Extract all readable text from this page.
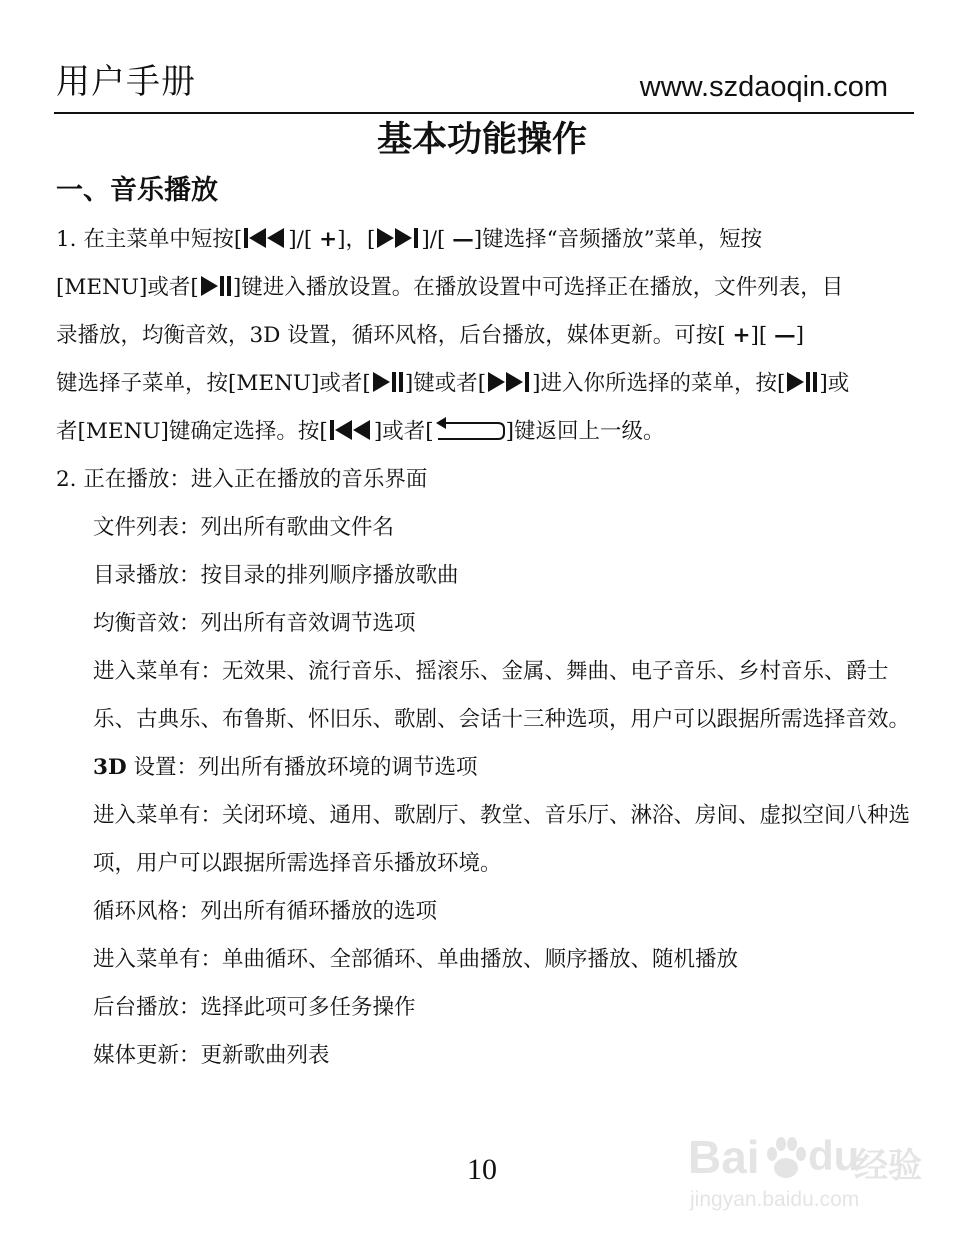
用户手册	www.szdaoqin.com
基本功能操作
一、音乐播放

1. 在主菜单中短按[ ]/[ +]，[ ]/[ —]键选择“音频播放”菜单，短按
[MENU]或者[ ]键进入播放设置。在播放设置中可选择正在播放，文件列表，目
录播放，均衡音效，3D 设置，循环风格，后台播放，媒体更新。可按[ +][ —]
键选择子菜单，按[MENU]或者[ ]键或者[ ]进入你所选择的菜单，按[ ]或
者[MENU]键确定选择。按[ ]或者[	]键返回上一级。

2. 正在播放：进入正在播放的音乐界面

文件列表：列出所有歌曲文件名

目录播放：按目录的排列顺序播放歌曲

均衡音效：列出所有音效调节选项

进入菜单有：无效果、流行音乐、摇滚乐、金属、舞曲、电子音乐、乡村音乐、爵士乐、古典乐、布鲁斯、怀旧乐、歌剧、会话十三种选项，用户可以跟据所需选择音效。

3D 设置：列出所有播放环境的调节选项

进入菜单有：关闭环境、通用、歌剧厅、教堂、音乐厅、淋浴、房间、虚拟空间八种选项，用户可以跟据所需选择音乐播放环境。

循环风格：列出所有循环播放的选项

进入菜单有：单曲循环、全部循环、单曲播放、顺序播放、随机播放

后台播放：选择此项可多任务操作

媒体更新：更新歌曲列表

10	Bai du
经验
jingyan.baidu.com
